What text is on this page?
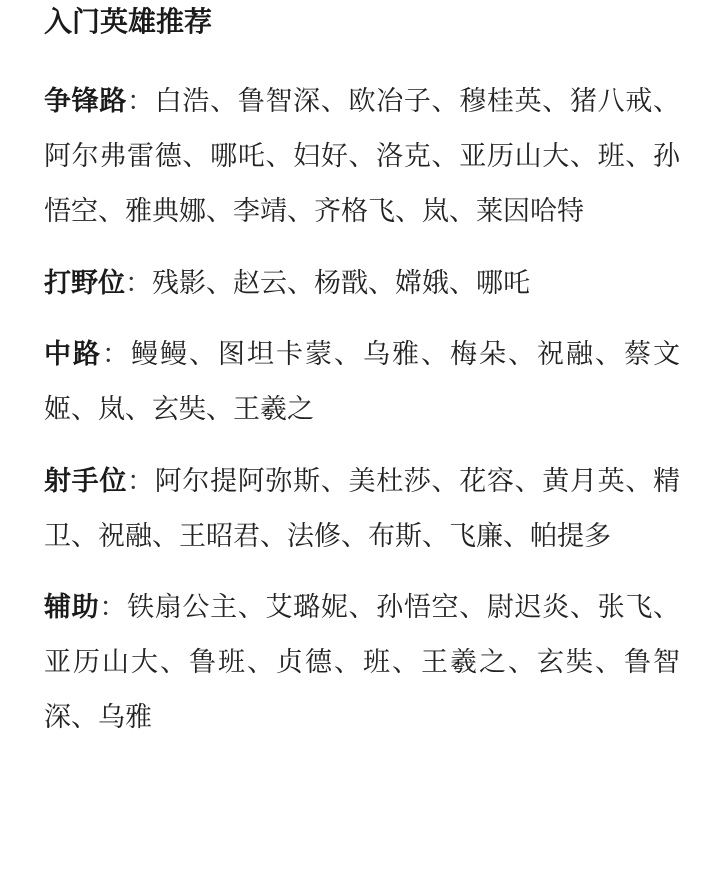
入门英雄推荐

争锋路：白浩、鲁智深、欧冶子、穆桂英、猪八戒、阿尔弗雷德、哪吒、妇好、洛克、亚历山大、班、孙悟空、雅典娜、李靖、齐格飞、岚、莱因哈特

打野位：残影、赵云、杨戬、嫦娥、哪吒

中路：鳗鳗、图坦卡蒙、乌雅、梅朵、祝融、蔡文姬、岚、玄奘、王羲之

射手位：阿尔提阿弥斯、美杜莎、花容、黄月英、精卫、祝融、王昭君、法修、布斯、飞廉、帕提多

辅助：铁扇公主、艾璐妮、孙悟空、尉迟炎、张飞、亚历山大、鲁班、贞德、班、王羲之、玄奘、鲁智深、乌雅
